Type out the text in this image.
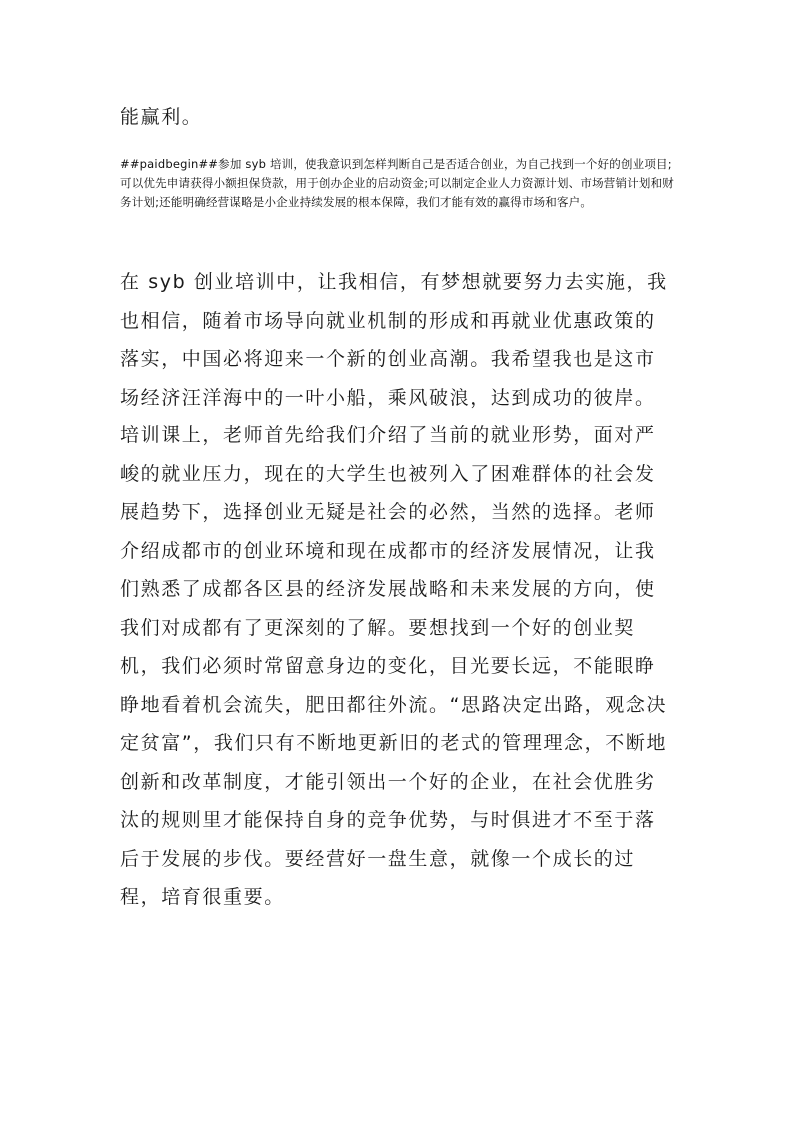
能赢利。

##paidbegin##参加 syb 培训，使我意识到怎样判断自己是否适合创业，为自己找到一个好的创业项目;可以优先申请获得小额担保贷款，用于创办企业的启动资金;可以制定企业人力资源计划、市场营销计划和财务计划;还能明确经营谋略是小企业持续发展的根本保障，我们才能有效的赢得市场和客户。

在 syb 创业培训中，让我相信，有梦想就要努力去实施，我也相信，随着市场导向就业机制的形成和再就业优惠政策的落实，中国必将迎来一个新的创业高潮。我希望我也是这市场经济汪洋海中的一叶小船，乘风破浪，达到成功的彼岸。

培训课上，老师首先给我们介绍了当前的就业形势，面对严峻的就业压力，现在的大学生也被列入了困难群体的社会发展趋势下，选择创业无疑是社会的必然，当然的选择。老师介绍成都市的创业环境和现在成都市的经济发展情况，让我们熟悉了成都各区县的经济发展战略和未来发展的方向，使我们对成都有了更深刻的了解。要想找到一个好的创业契机，我们必须时常留意身边的变化，目光要长远，不能眼睁睁地看着机会流失，肥田都往外流。“思路决定出路，观念决定贫富”，我们只有不断地更新旧的老式的管理理念，不断地创新和改革制度，才能引领出一个好的企业，在社会优胜劣汰的规则里才能保持自身的竞争优势，与时俱进才不至于落后于发展的步伐。要经营好一盘生意，就像一个成长的过程，培育很重要。
